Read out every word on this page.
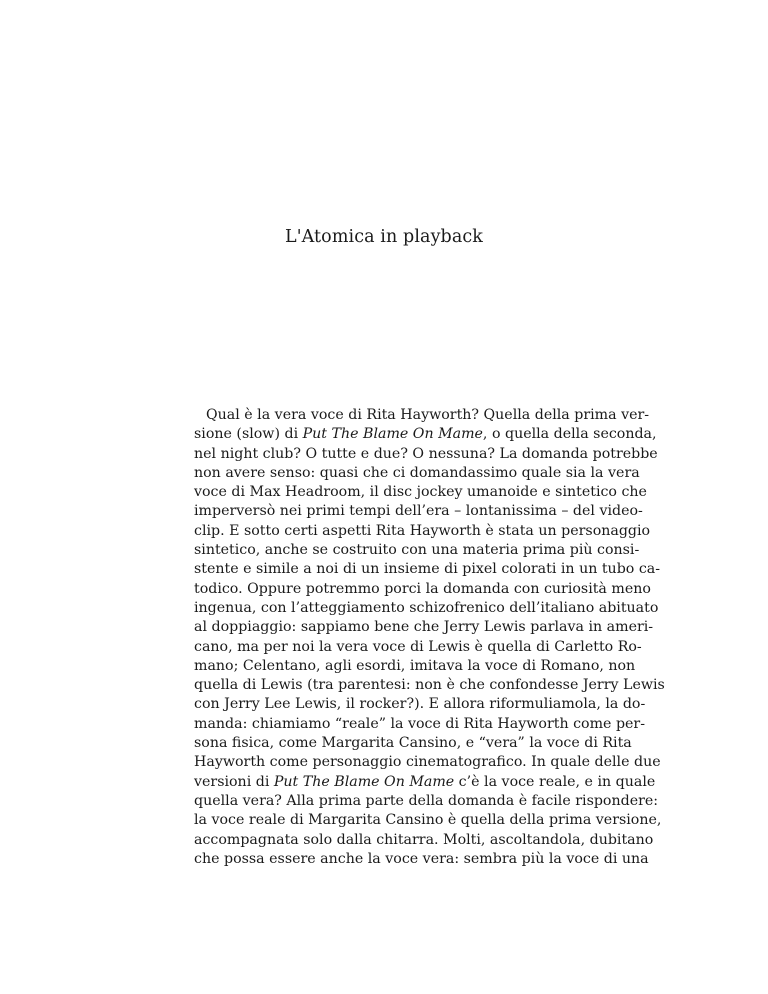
L'Atomica in playback
Qual è la vera voce di Rita Hayworth? Quella della prima ver-
sione (slow) di Put The Blame On Mame, o quella della seconda,
nel night club? O tutte e due? O nessuna? La domanda potrebbe
non avere senso: quasi che ci domandassimo quale sia la vera
voce di Max Headroom, il disc jockey umanoide e sintetico che
imperversò nei primi tempi dell’era – lontanissima – del video-
clip. E sotto certi aspetti Rita Hayworth è stata un personaggio
sintetico, anche se costruito con una materia prima più consi-
stente e simile a noi di un insieme di pixel colorati in un tubo ca-
todico. Oppure potremmo porci la domanda con curiosità meno
ingenua, con l’atteggiamento schizofrenico dell’italiano abituato
al doppiaggio: sappiamo bene che Jerry Lewis parlava in ameri-
cano, ma per noi la vera voce di Lewis è quella di Carletto Ro-
mano; Celentano, agli esordi, imitava la voce di Romano, non
quella di Lewis (tra parentesi: non è che confondesse Jerry Lewis
con Jerry Lee Lewis, il rocker?). E allora riformuliamola, la do-
manda: chiamiamo “reale” la voce di Rita Hayworth come per-
sona fisica, come Margarita Cansino, e “vera” la voce di Rita
Hayworth come personaggio cinematografico. In quale delle due
versioni di Put The Blame On Mame c’è la voce reale, e in quale
quella vera? Alla prima parte della domanda è facile rispondere:
la voce reale di Margarita Cansino è quella della prima versione,
accompagnata solo dalla chitarra. Molti, ascoltandola, dubitano
che possa essere anche la voce vera: sembra più la voce di una
